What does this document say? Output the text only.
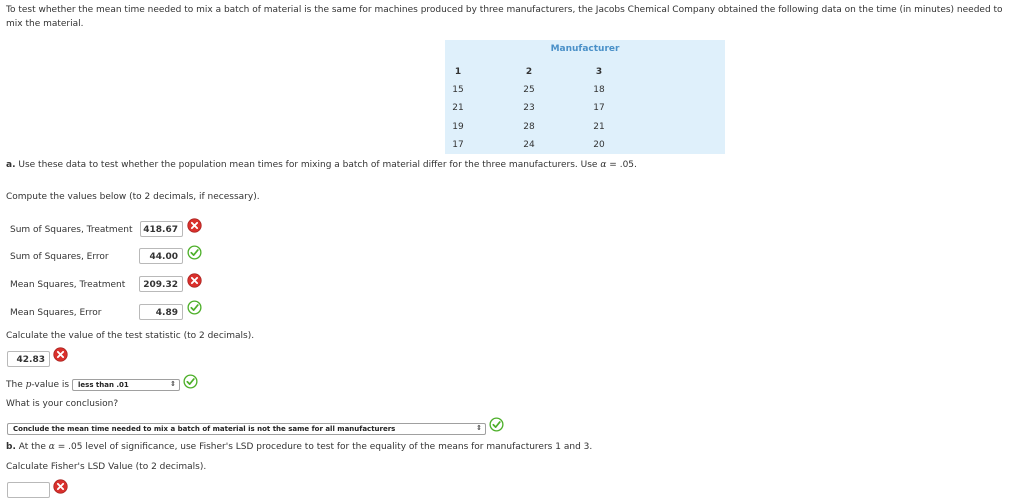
To test whether the mean time needed to mix a batch of material is the same for machines produced by three manufacturers, the Jacobs Chemical Company obtained the following data on the time (in minutes) needed to mix the material.
Manufacturer
1	2	3
15	25	18
21	23	17
19	28	21
17	24	20
a. Use these data to test whether the population mean times for mixing a batch of material differ for the three manufacturers. Use α = .05.
Compute the values below (to 2 decimals, if necessary).
Sum of Squares, Treatment	418.67
Sum of Squares, Error	44.00
Mean Squares, Treatment	209.32
Mean Squares, Error	4.89
Calculate the value of the test statistic (to 2 decimals).
42.83
The p-value is	less than .01	⇕
What is your conclusion?
Conclude the mean time needed to mix a batch of material is not the same for all manufacturers	⇕
b. At the α = .05 level of significance, use Fisher's LSD procedure to test for the equality of the means for manufacturers 1 and 3.
Calculate Fisher's LSD Value (to 2 decimals).
